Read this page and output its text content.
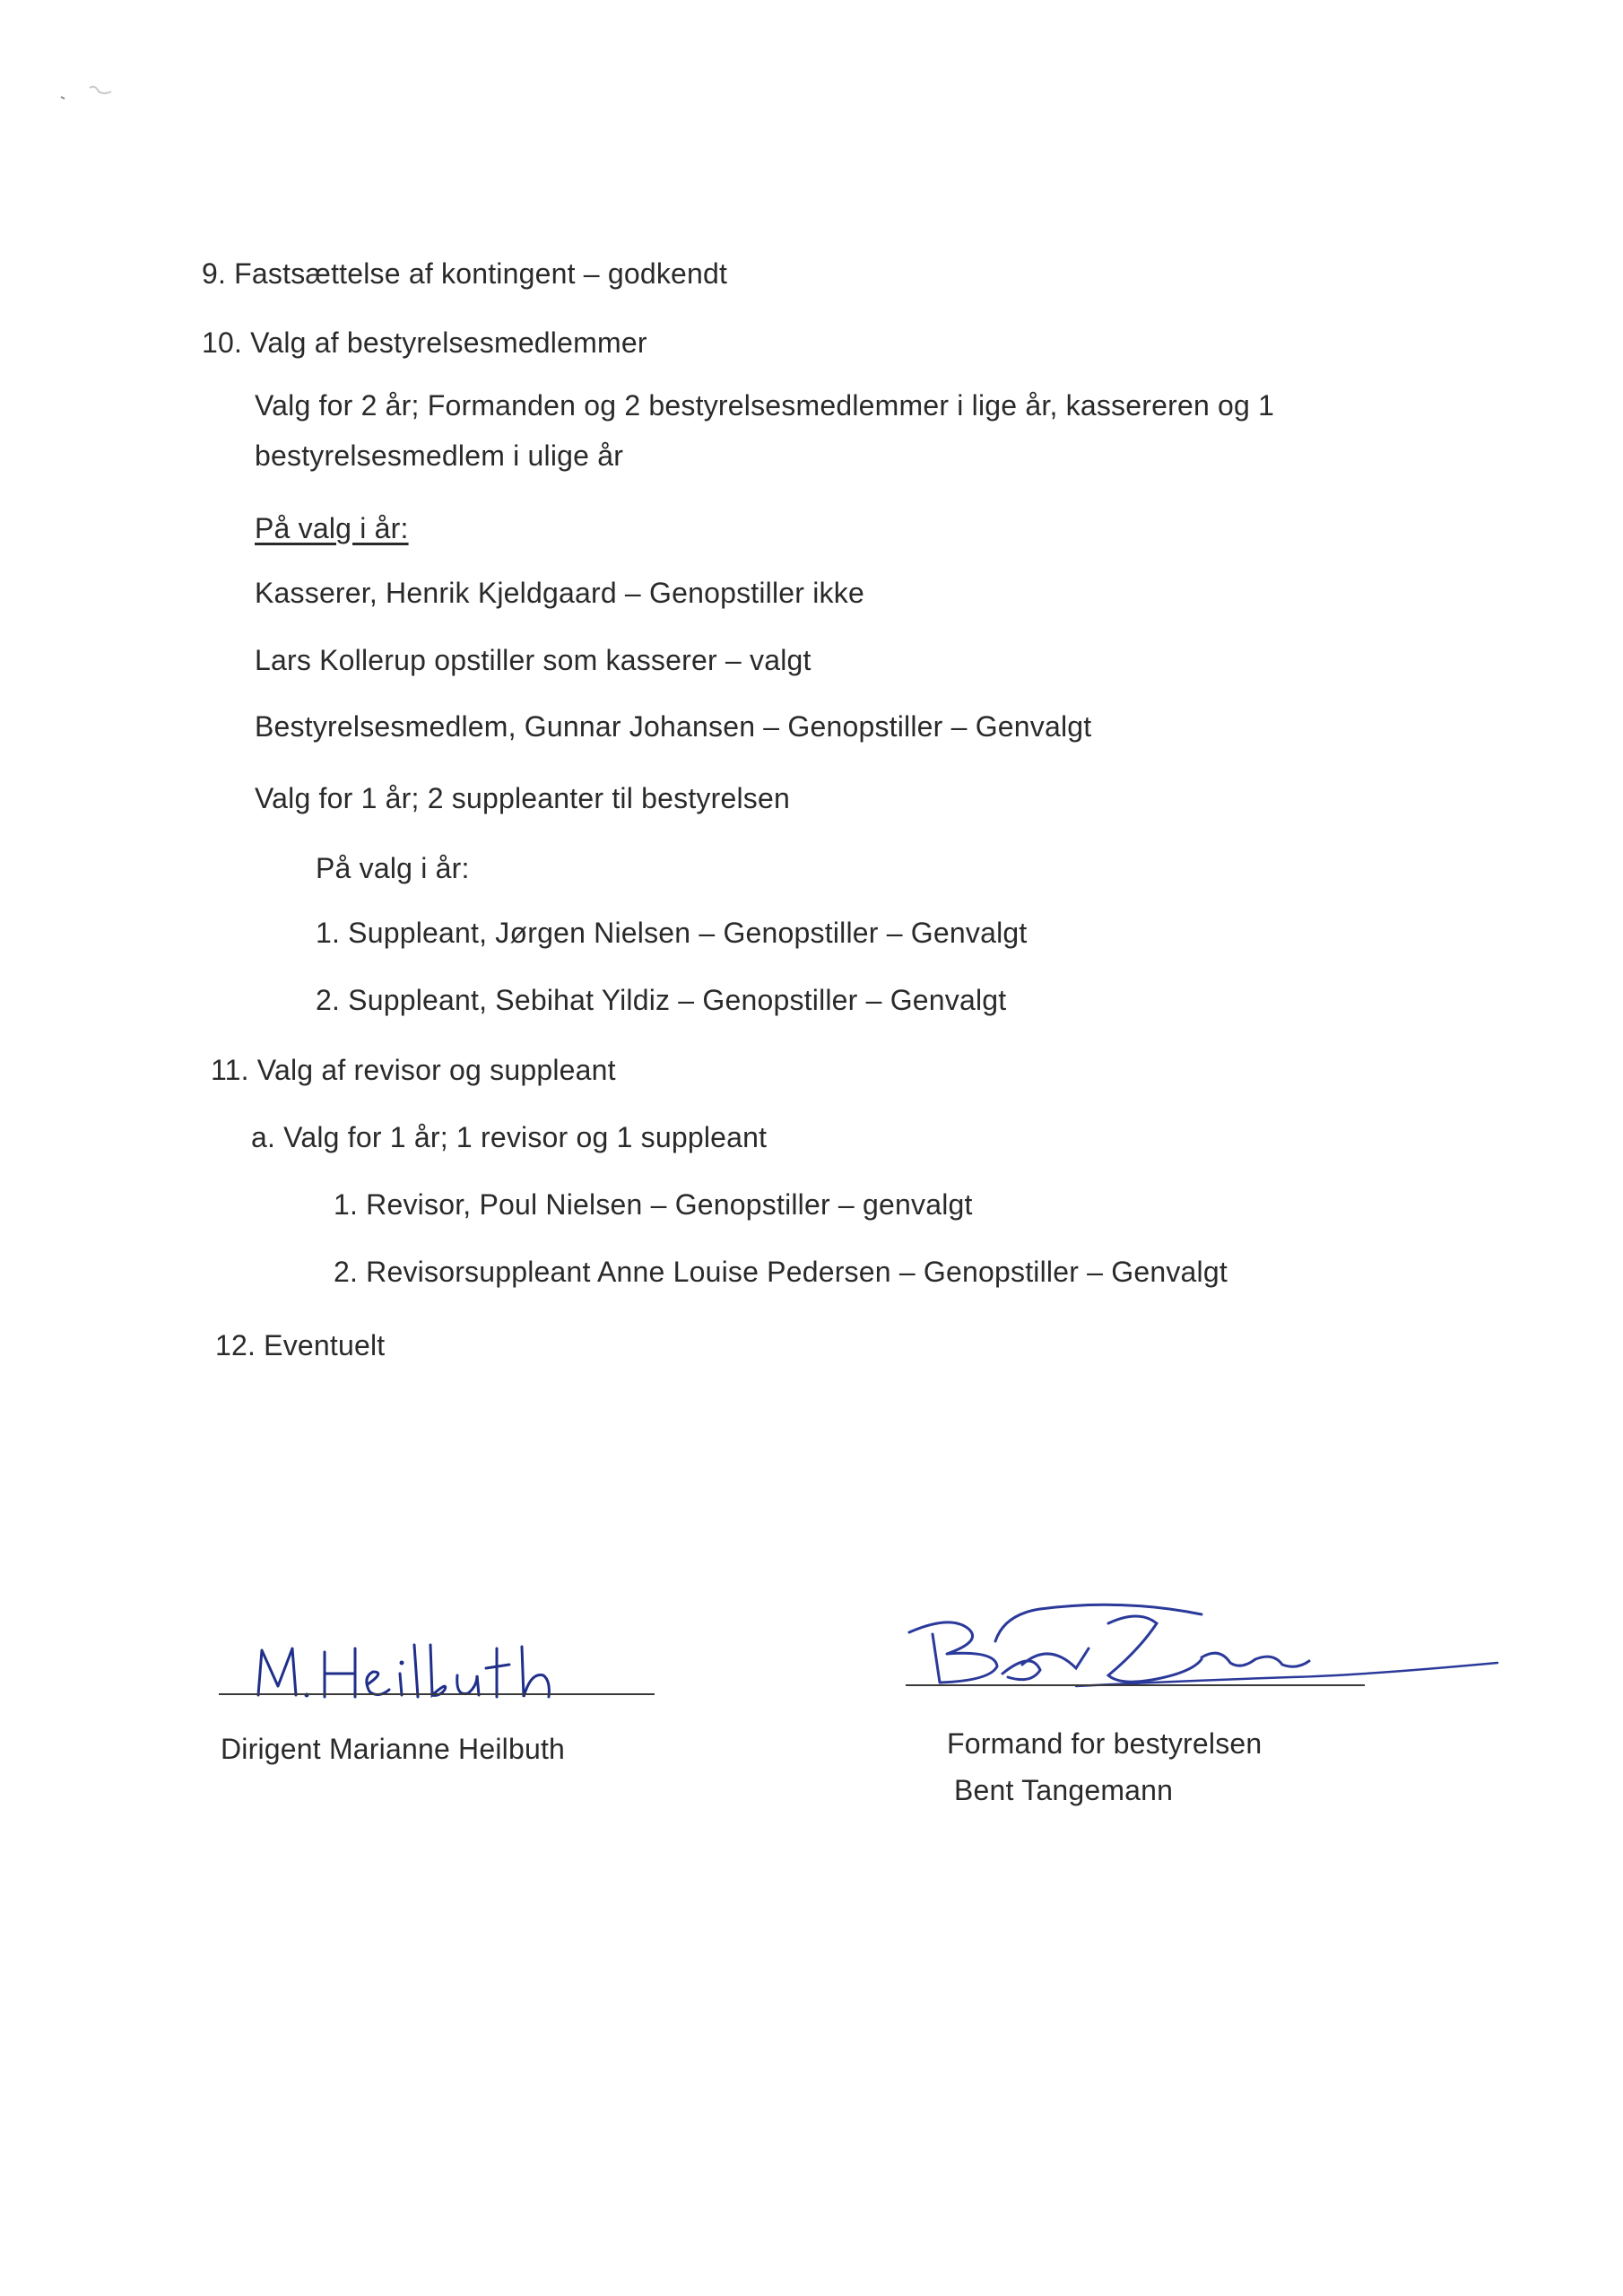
9. Fastsættelse af kontingent – godkendt
10. Valg af bestyrelsesmedlemmer
Valg for 2 år; Formanden og 2 bestyrelsesmedlemmer i lige år, kassereren og 1
bestyrelsesmedlem i ulige år
På valg i år:
Kasserer, Henrik Kjeldgaard – Genopstiller ikke
Lars Kollerup opstiller som kasserer – valgt
Bestyrelsesmedlem, Gunnar Johansen – Genopstiller – Genvalgt
Valg for 1 år; 2 suppleanter til bestyrelsen
På valg i år:
1. Suppleant, Jørgen Nielsen – Genopstiller – Genvalgt
2. Suppleant, Sebihat Yildiz – Genopstiller – Genvalgt
11. Valg af revisor og suppleant
a. Valg for 1 år; 1 revisor og 1 suppleant
1. Revisor, Poul Nielsen – Genopstiller – genvalgt
2. Revisorsuppleant Anne Louise Pedersen – Genopstiller – Genvalgt
12. Eventuelt
Dirigent Marianne Heilbuth	Formand for bestyrelsen
Bent Tangemann
